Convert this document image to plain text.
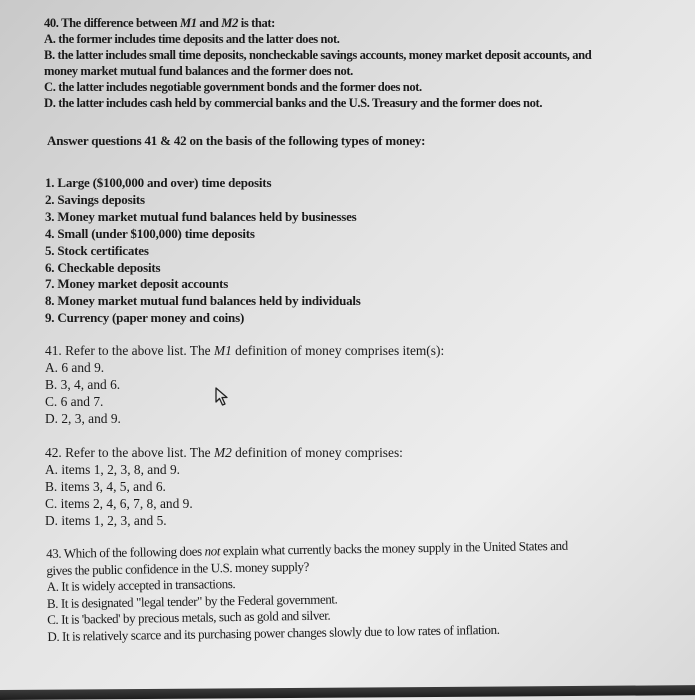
40. The difference between M1 and M2 is that:
A. the former includes time deposits and the latter does not.
B. the latter includes small time deposits, noncheckable savings accounts, money market deposit accounts, and
money market mutual fund balances and the former does not.
C. the latter includes negotiable government bonds and the former does not.
D. the latter includes cash held by commercial banks and the U.S. Treasury and the former does not.
Answer questions 41 & 42 on the basis of the following types of money:
1. Large ($100,000 and over) time deposits
2. Savings deposits
3. Money market mutual fund balances held by businesses
4. Small (under $100,000) time deposits
5. Stock certificates
6. Checkable deposits
7. Money market deposit accounts
8. Money market mutual fund balances held by individuals
9. Currency (paper money and coins)
41. Refer to the above list. The M1 definition of money comprises item(s):
A. 6 and 9.
B. 3, 4, and 6.
C. 6 and 7.
D. 2, 3, and 9.
42. Refer to the above list. The M2 definition of money comprises:
A. items 1, 2, 3, 8, and 9.
B. items 3, 4, 5, and 6.
C. items 2, 4, 6, 7, 8, and 9.
D. items 1, 2, 3, and 5.
43. Which of the following does not explain what currently backs the money supply in the United States and
gives the public confidence in the U.S. money supply?
A. It is widely accepted in transactions.
B. It is designated "legal tender" by the Federal government.
C. It is 'backed' by precious metals, such as gold and silver.
D. It is relatively scarce and its purchasing power changes slowly due to low rates of inflation.
